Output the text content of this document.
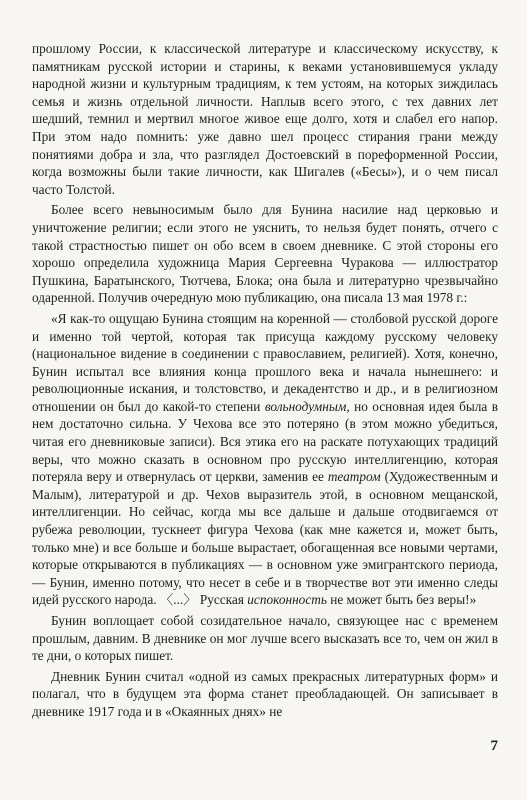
прошлому России, к классической литературе и классическому искусству, к памятникам русской истории и старины, к веками установившемуся укладу народной жизни и культурным традициям, к тем устоям, на которых зиждилась семья и жизнь отдельной личности. Наплыв всего этого, с тех давних лет шедший, темнил и мертвил многое живое еще долго, хотя и слабел его напор. При этом надо помнить: уже давно шел процесс стирания грани между понятиями добра и зла, что разглядел Достоевский в пореформенной России, когда возможны были такие личности, как Шигалев («Бесы»), и о чем писал часто Толстой.

Более всего невыносимым было для Бунина насилие над церковью и уничтожение религии; если этого не уяснить, то нельзя будет понять, отчего с такой страстностью пишет он обо всем в своем дневнике. С этой стороны его хорошо определила художница Мария Сергеевна Чуракова — иллюстратор Пушкина, Баратынского, Тютчева, Блока; она была и литературно чрезвычайно одаренной. Получив очередную мою публикацию, она писала 13 мая 1978 г.:

«Я как-то ощущаю Бунина стоящим на коренной — столбовой русской дороге и именно той чертой, которая так присуща каждому русскому человеку (национальное видение в соединении с православием, религией). Хотя, конечно, Бунин испытал все влияния конца прошлого века и начала нынешнего: и революционные искания, и толстовство, и декадентство и др., и в религиозном отношении он был до какой-то степени вольнодумным, но основная идея была в нем достаточно сильна. У Чехова все это потеряно (в этом можно убедиться, читая его дневниковые записи). Вся этика его на раскате потухающих традиций веры, что можно сказать в основном про русскую интеллигенцию, которая потеряла веру и отвернулась от церкви, заменив ее театром (Художественным и Малым), литературой и др. Чехов выразитель этой, в основном мещанской, интеллигенции. Но сейчас, когда мы все дальше и дальше отодвигаемся от рубежа революции, тускнеет фигура Чехова (как мне кажется и, может быть, только мне) и все больше и больше вырастает, обогащенная все новыми чертами, которые открываются в публикациях — в основном уже эмигрантского периода,— Бунин, именно потому, что несет в себе и в творчестве вот эти именно следы идей русского народа. 〈...〉 Русская испоконность не может быть без веры!»

Бунин воплощает собой созидательное начало, связующее нас с временем прошлым, давним. В дневнике он мог лучше всего высказать все то, чем он жил в те дни, о которых пишет.

Дневник Бунин считал «одной из самых прекрасных литературных форм» и полагал, что в будущем эта форма станет преобладающей. Он записывает в дневнике 1917 года и в «Окаянных днях» не

7
